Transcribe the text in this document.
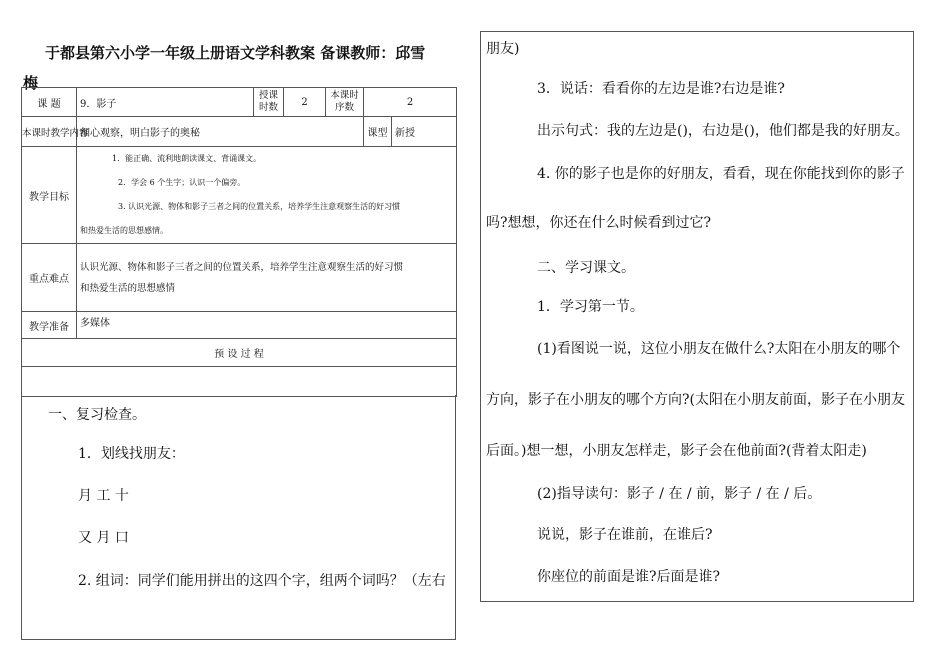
于都县第六小学一年级上册语文学科教案 备课教师：邱雪
梅
课 题	9．影子	授课时数	2	本课时序数	2	
本课时教学内容	细心观察，明白影子的奥秘				课型	新授
教学目标	1．能正确、流利地朗读课文、背诵课文。
2．学会 6 个生字；认识一个偏旁。
3. 认识光源、物体和影子三者之间的位置关系，培养学生注意观察生活的好习惯
和热爱生活的思想感情。					

重点难点	认识光源、物体和影子三者之间的位置关系，培养学生注意观察生活的好习惯
和热爱生活的思想感情					

教学准备	多媒体					
预 设 过 程						

一、复习检查。
1．划线找朋友：
月 工 十
又 月 口
2. 组词：同学们能用拼出的这四个字，组两个词吗？（左右
朋友)
3．说话：看看你的左边是谁?右边是谁?
出示句式：我的左边是()，右边是()，他们都是我的好朋友。
4. 你的影子也是你的好朋友，看看，现在你能找到你的影子
吗?想想，你还在什么时候看到过它?
二、学习课文。
1．学习第一节。
(1)看图说一说，这位小朋友在做什么?太阳在小朋友的哪个
方向，影子在小朋友的哪个方向?(太阳在小朋友前面，影子在小朋友
后面。)想一想，小朋友怎样走，影子会在他前面?(背着太阳走)
(2)指导读句：影子 / 在 / 前，影子 / 在 / 后。
说说，影子在谁前，在谁后?
你座位的前面是谁?后面是谁?
